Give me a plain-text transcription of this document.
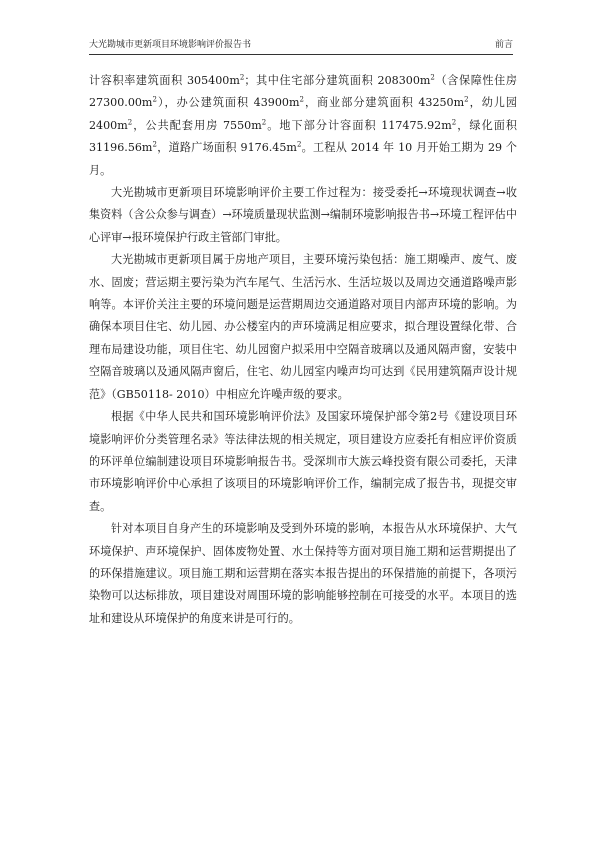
大光勘城市更新项目环境影响评价报告书	前言

计容积率建筑面积 $305400m^2$；其中住宅部分建筑面积 $208300m^2$（含保障性住房 $27300.00m^2$），办公建筑面积 $43900m^2$，商业部分建筑面积 $43250m^2$，幼儿园 $2400m^2$，公共配套用房 $7550m^2$。地下部分计容面积 $117475.92m^2$，绿化面积 $31196.56m^2$，道路广场面积 $9176.45m^2$。工程从 2014 年 10 月开始工期为 29 个月。

大光勘城市更新项目环境影响评价主要工作过程为：接受委托→环境现状调查→收集资料（含公众参与调查）→环境质量现状监测→编制环境影响报告书→环境工程评估中心评审→报环境保护行政主管部门审批。

大光勘城市更新项目属于房地产项目，主要环境污染包括：施工期噪声、废气、废水、固废；营运期主要污染为汽车尾气、生活污水、生活垃圾以及周边交通道路噪声影响等。本评价关注主要的环境问题是运营期周边交通道路对项目内部声环境的影响。为确保本项目住宅、幼儿园、办公楼室内的声环境满足相应要求，拟合理设置绿化带、合理布局建设功能，项目住宅、幼儿园窗户拟采用中空隔音玻璃以及通风隔声窗，安装中空隔音玻璃以及通风隔声窗后，住宅、幼儿园室内噪声均可达到《民用建筑隔声设计规范》（GB50118- 2010）中相应允许噪声级的要求。

根据《中华人民共和国环境影响评价法》及国家环境保护部令第2号《建设项目环境影响评价分类管理名录》等法律法规的相关规定，项目建设方应委托有相应评价资质的环评单位编制建设项目环境影响报告书。受深圳市大族云峰投资有限公司委托，天津市环境影响评价中心承担了该项目的环境影响评价工作，编制完成了报告书，现提交审查。

针对本项目自身产生的环境影响及受到外环境的影响，本报告从水环境保护、大气环境保护、声环境保护、固体废物处置、水土保持等方面对项目施工期和运营期提出了的环保措施建议。项目施工期和运营期在落实本报告提出的环保措施的前提下，各项污染物可以达标排放，项目建设对周围环境的影响能够控制在可接受的水平。本项目的选址和建设从环境保护的角度来讲是可行的。
